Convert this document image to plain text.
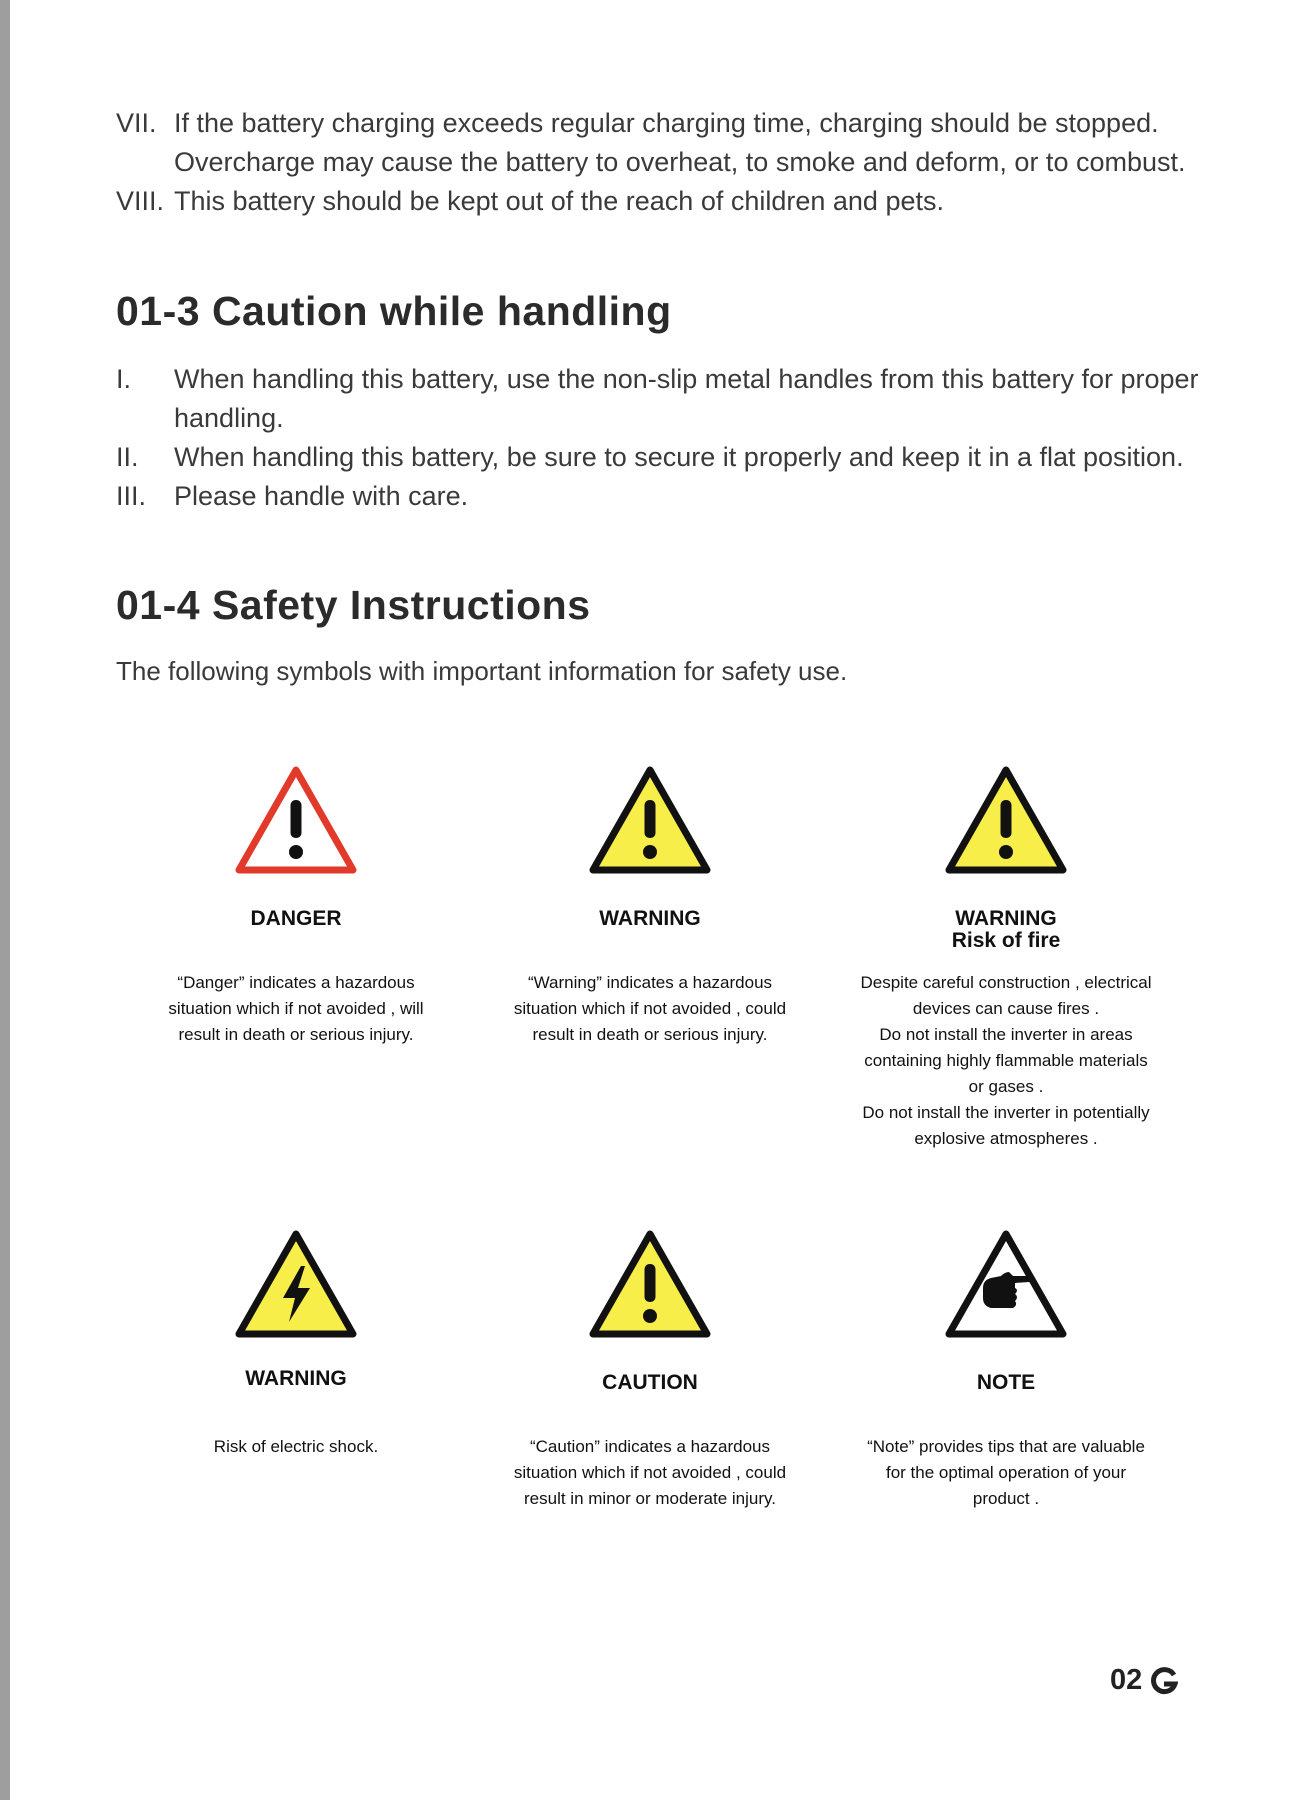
VII. If the battery charging exceeds regular charging time, charging should be stopped. Overcharge may cause the battery to overheat, to smoke and deform, or to combust.
VIII. This battery should be kept out of the reach of children and pets.
01-3 Caution while handling
I.	When handling this battery, use the non-slip metal handles from this battery for proper handling.
II.	When handling this battery, be sure to secure it properly and keep it in a flat position.
III.	Please handle with care.
01-4 Safety Instructions
The following symbols with important information for safety use.
DANGER
“Danger” indicates a hazardous
situation which if not avoided , will
result in death or serious injury.
WARNING
“Warning” indicates a hazardous
situation which if not avoided , could
result in death or serious injury.
WARNING
Risk of fire
Despite careful construction , electrical
devices can cause fires .
Do not install the inverter in areas
containing highly flammable materials
or gases .
Do not install the inverter in potentially
explosive atmospheres .
WARNING
Risk of electric shock.
CAUTION
“Caution” indicates a hazardous
situation which if not avoided , could
result in minor or moderate injury.
NOTE
“Note” provides tips that are valuable
for the optimal operation of your
product .
02
